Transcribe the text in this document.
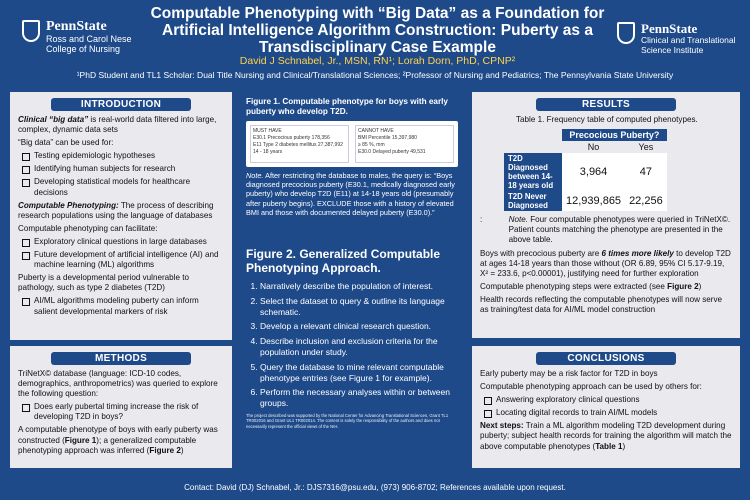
PennState
Ross and Carol Nese
College of Nursing
Computable Phenotyping with “Big Data” as a Foundation for Artificial Intelligence Algorithm Construction: Puberty as a Transdisciplinary Case Example
David J Schnabel, Jr., MSN, RN¹; Lorah Dorn, PhD, CPNP²
PennState
Clinical and Translational
Science Institute
¹PhD Student and TL1 Scholar: Dual Title Nursing and Clinical/Translational Sciences; ²Professor of Nursing and Pediatrics; The Pennsylvania State University
INTRODUCTION

Clinical “big data” is real-world data filtered into large, complex, dynamic data sets

“Big data” can be used for:

Testing epidemiologic hypotheses
Identifying human subjects for research
Developing statistical models for healthcare decisions

Computable Phenotyping: The process of describing research populations using the language of databases

Computable phenotyping can facilitate:

Exploratory clinical questions in large databases
Future development of artificial intelligence (AI) and machine learning (ML) algorithms

Puberty is a developmental period vulnerable to pathology, such as type 2 diabetes (T2D)

AI/ML algorithms modeling puberty can inform salient developmental markers of risk
METHODS

TriNetX© database (language: ICD-10 codes, demographics, anthropometrics) was queried to explore the following question:

Does early pubertal timing increase the risk of developing T2D in boys?

A computable phenotype of boys with early puberty was constructed (Figure 1); a generalized computable phenotyping approach was inferred (Figure 2)

Figure 1. Computable phenotype for boys with early puberty who develop T2D.
MUST HAVE
E30.1 Precocious puberty 178,356
E11 Type 2 diabetes mellitus 27,387,992
14 - 18 years
CANNOT HAVE
BMI Percentile 15,397,980
≥ 85 %, mm
E30.0 Delayed puberty 49,531
Note. After restricting the database to males, the query is: “Boys diagnosed precocious puberty (E30.1, medically diagnosed early puberty) who develop T2D (E11) at 14-18 years old (presumably after puberty begins). EXCLUDE those with a history of elevated BMI and those with documented delayed puberty (E30.0).”
Figure 2. Generalized Computable Phenotyping Approach.
1. Narratively describe the population of interest.
2. Select the dataset to query & outline its language schematic.
3. Develop a relevant clinical research question.
4. Describe inclusion and exclusion criteria for the population under study.
5. Query the database to mine relevant computable phenotype entries (see Figure 1 for example).
6. Perform the necessary analyses within or between groups.
The project described was supported by the National Center for Advancing Translational Sciences, Grant TL1 TR002016 and Grant UL1 TR002014. The content is solely the responsibility of the authors and does not necessarily represent the official views of the NIH.
RESULTS

Table 1. Frequency table of computed phenotypes.

	Precocious Puberty?	
	No	Yes
T2D Diagnosed between 14-18 years old	3,964	47
T2D Never Diagnosed	12,939,865	22,256
:	Note. Four computable phenotypes were queried in TriNetX©. Patient counts matching the phenotype are presented in the above table.

Boys with precocious puberty are 6 times more likely to develop T2D at ages 14-18 years than those without (OR 6.89, 95% CI 5.17-9.19, X² = 233.6, p<0.00001), justifying need for further exploration

Computable phenotyping steps were extracted (see Figure 2)

Health records reflecting the computable phenotypes will now serve as training/test data for AI/ML model construction

CONCLUSIONS

Early puberty may be a risk factor for T2D in boys

Computable phenotyping approach can be used by others for:

Answering exploratory clinical questions
Locating digital records to train AI/ML models

Next steps: Train a ML algorithm modeling T2D development during puberty; subject health records for training the algorithm will match the above computable phenotypes (Table 1)

Contact: David (DJ) Schnabel, Jr.: DJS7316@psu.edu, (973) 906-8702; References available upon request.
